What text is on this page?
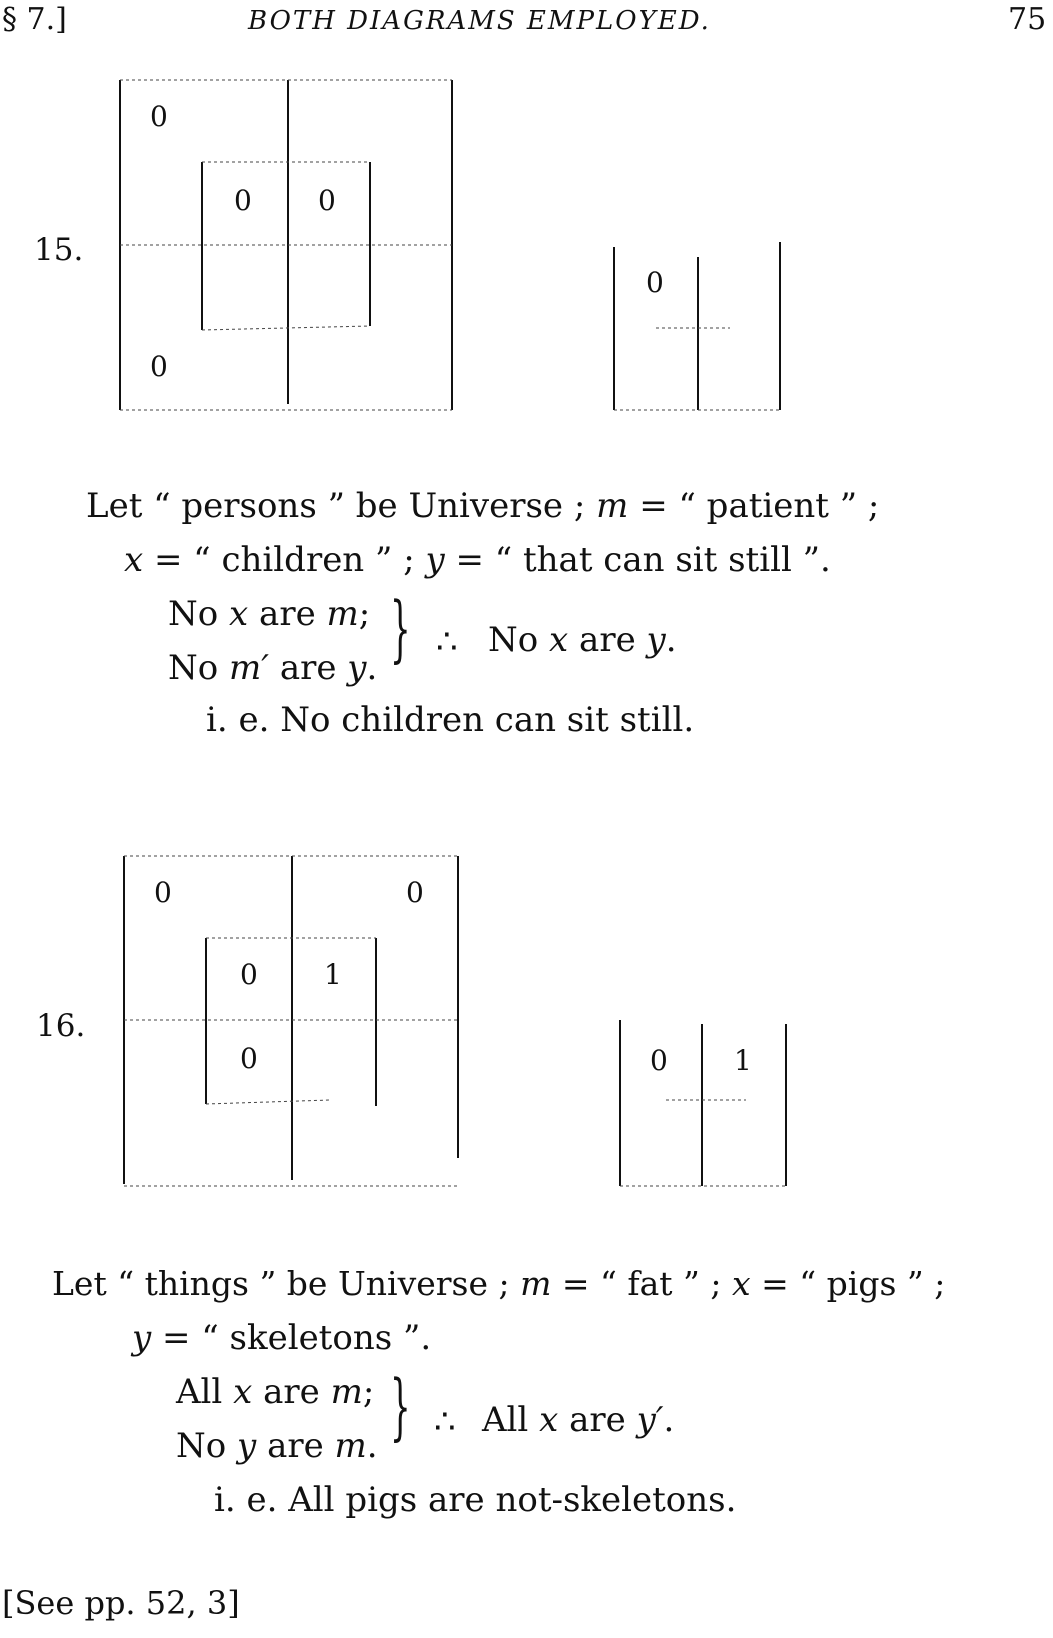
§ 7.]	BOTH DIAGRAMS EMPLOYED.	75
15.
0
0 0
0
0
Let “ persons ” be Universe ; m = “ patient ” ;
x = “ children ” ; y = “ that can sit still ”.
No x are m;
No m′ are y. } ∴ No x are y.
i. e. No children can sit still.
16.
0	0
0 1
0	0 1
Let “ things ” be Universe ; m = “ fat ” ; x = “ pigs ” ;
y = “ skeletons ”.
All x are m;
No y are m. } ∴ All x are y′.
i. e. All pigs are not-skeletons.
[See pp. 52, 3]
